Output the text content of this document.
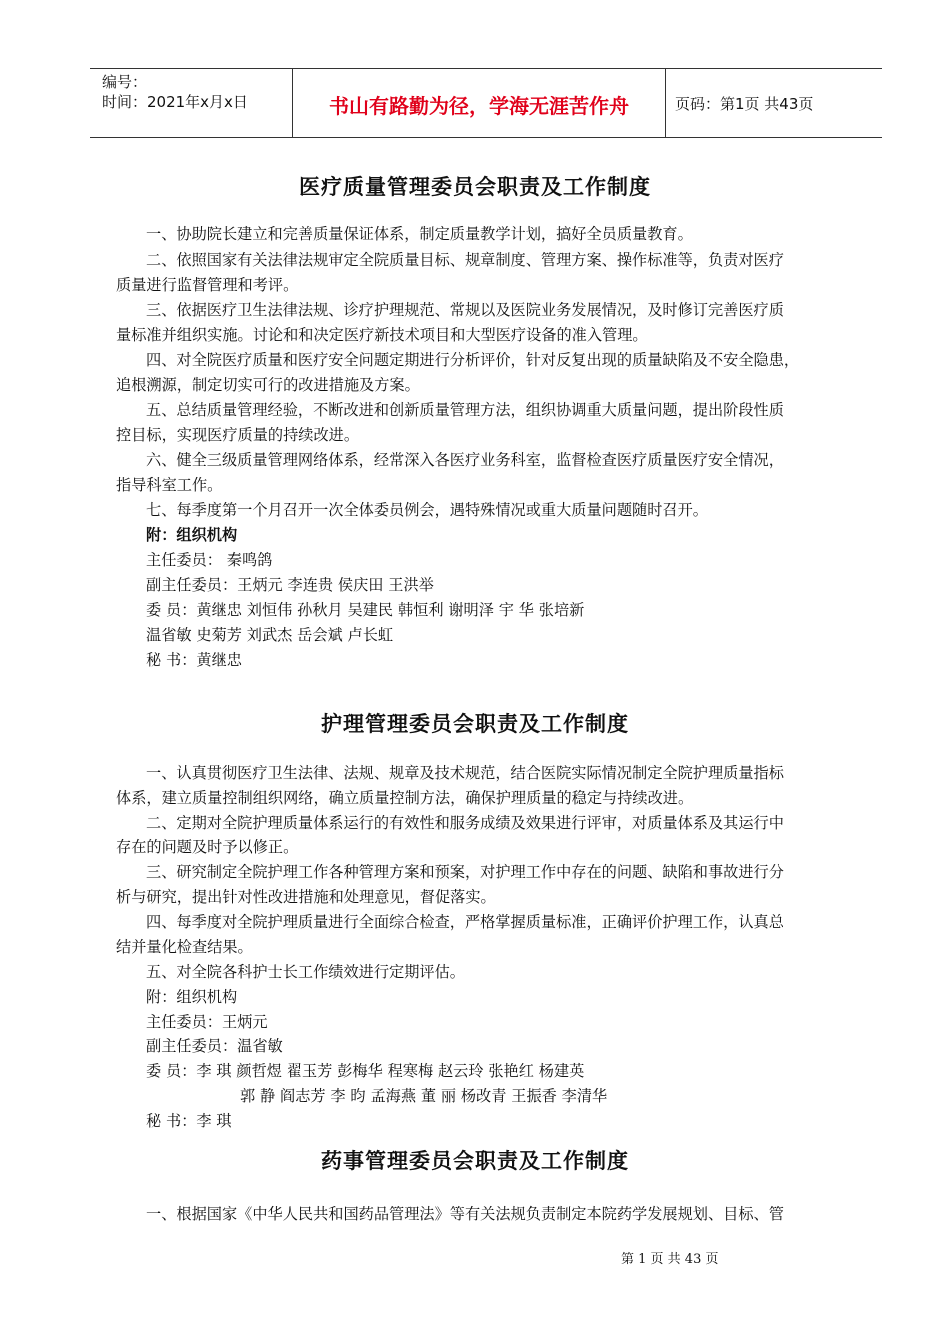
编号：
时间：2021年x月x日	书山有路勤为径，学海无涯苦作舟	页码：第1页 共43页
医疗质量管理委员会职责及工作制度
一、协助院长建立和完善质量保证体系，制定质量教学计划，搞好全员质量教育。
二、依照国家有关法律法规审定全院质量目标、规章制度、管理方案、操作标准等，负责对医疗
质量进行监督管理和考评。
三、依据医疗卫生法律法规、诊疗护理规范、常规以及医院业务发展情况，及时修订完善医疗质
量标准并组织实施。讨论和和决定医疗新技术项目和大型医疗设备的准入管理。
四、对全院医疗质量和医疗安全问题定期进行分析评价，针对反复出现的质量缺陷及不安全隐患，
追根溯源，制定切实可行的改进措施及方案。
五、总结质量管理经验，不断改进和创新质量管理方法，组织协调重大质量问题，提出阶段性质
控目标，实现医疗质量的持续改进。
六、健全三级质量管理网络体系，经常深入各医疗业务科室，监督检查医疗质量医疗安全情况，
指导科室工作。
七、每季度第一个月召开一次全体委员例会，遇特殊情况或重大质量问题随时召开。
附：组织机构
主任委员： 秦鸣鸽
副主任委员：王炳元 李连贵 侯庆田 王洪举
委 员：黄继忠 刘恒伟 孙秋月 吴建民 韩恒利 谢明泽 宇 华 张培新
温省敏 史菊芳 刘武杰 岳会斌 卢长虹
秘 书：黄继忠
护理管理委员会职责及工作制度
一、认真贯彻医疗卫生法律、法规、规章及技术规范，结合医院实际情况制定全院护理质量指标
体系，建立质量控制组织网络，确立质量控制方法，确保护理质量的稳定与持续改进。
二、定期对全院护理质量体系运行的有效性和服务成绩及效果进行评审，对质量体系及其运行中
存在的问题及时予以修正。
三、研究制定全院护理工作各种管理方案和预案，对护理工作中存在的问题、缺陷和事故进行分
析与研究，提出针对性改进措施和处理意见，督促落实。
四、每季度对全院护理质量进行全面综合检查，严格掌握质量标准，正确评价护理工作，认真总
结并量化检查结果。
五、对全院各科护士长工作绩效进行定期评估。
附：组织机构
主任委员：王炳元
副主任委员：温省敏
委 员：李 琪 颜哲煜 翟玉芳 彭梅华 程寒梅 赵云玲 张艳红 杨建英
郭 静 阎志芳 李 昀 孟海燕 董 丽 杨改青 王振香 李清华
秘 书：李 琪
药事管理委员会职责及工作制度
一、根据国家《中华人民共和国药品管理法》等有关法规负责制定本院药学发展规划、目标、管
第 1 页 共 43 页
